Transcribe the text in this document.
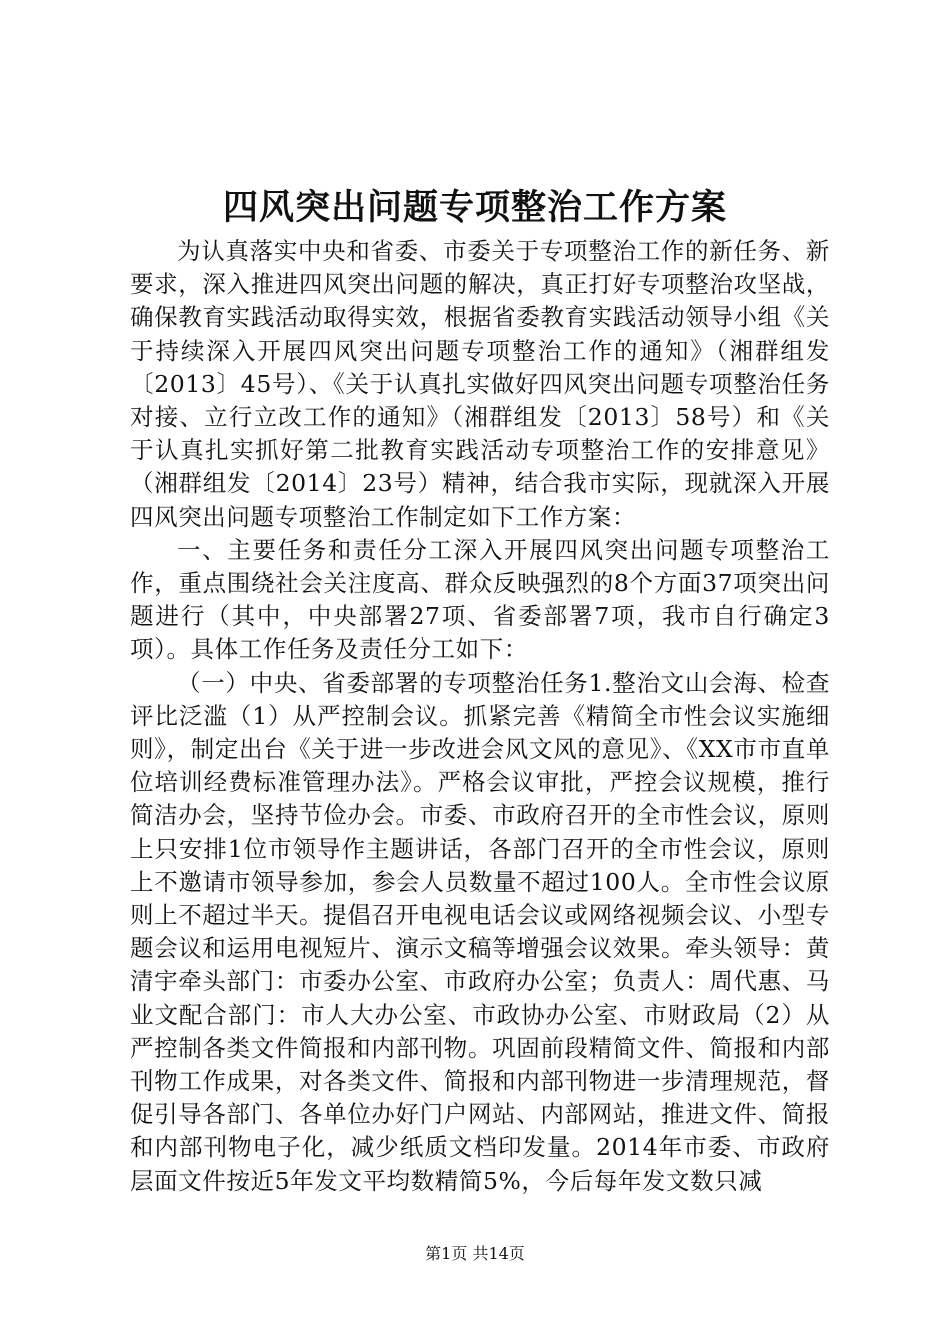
四风突出问题专项整治工作方案

为认真落实中央和省委、市委关于专项整治工作的新任务、新要求，深入推进四风突出问题的解决，真正打好专项整治攻坚战，确保教育实践活动取得实效，根据省委教育实践活动领导小组《关于持续深入开展四风突出问题专项整治工作的通知》（湘群组发〔2013〕45号）、《关于认真扎实做好四风突出问题专项整治任务对接、立行立改工作的通知》（湘群组发〔2013〕58号）和《关于认真扎实抓好第二批教育实践活动专项整治工作的安排意见》（湘群组发〔2014〕23号）精神，结合我市实际，现就深入开展四风突出问题专项整治工作制定如下工作方案：

一、主要任务和责任分工深入开展四风突出问题专项整治工作，重点围绕社会关注度高、群众反映强烈的8个方面37项突出问题进行（其中，中央部署27项、省委部署7项，我市自行确定3项）。具体工作任务及责任分工如下：

（一）中央、省委部署的专项整治任务1.整治文山会海、检查评比泛滥（1）从严控制会议。抓紧完善《精简全市性会议实施细则》，制定出台《关于进一步改进会风文风的意见》、《XX市市直单位培训经费标准管理办法》。严格会议审批，严控会议规模，推行简洁办会，坚持节俭办会。市委、市政府召开的全市性会议，原则上只安排1位市领导作主题讲话，各部门召开的全市性会议，原则上不邀请市领导参加，参会人员数量不超过100人。全市性会议原则上不超过半天。提倡召开电视电话会议或网络视频会议、小型专题会议和运用电视短片、演示文稿等增强会议效果。牵头领导：黄清宇牵头部门：市委办公室、市政府办公室；负责人：周代惠、马业文配合部门：市人大办公室、市政协办公室、市财政局（2）从严控制各类文件简报和内部刊物。巩固前段精简文件、简报和内部刊物工作成果，对各类文件、简报和内部刊物进一步清理规范，督促引导各部门、各单位办好门户网站、内部网站，推进文件、简报和内部刊物电子化，减少纸质文档印发量。2014年市委、市政府层面文件按近5年发文平均数精简5%，今后每年发文数只减

第1页 共14页
